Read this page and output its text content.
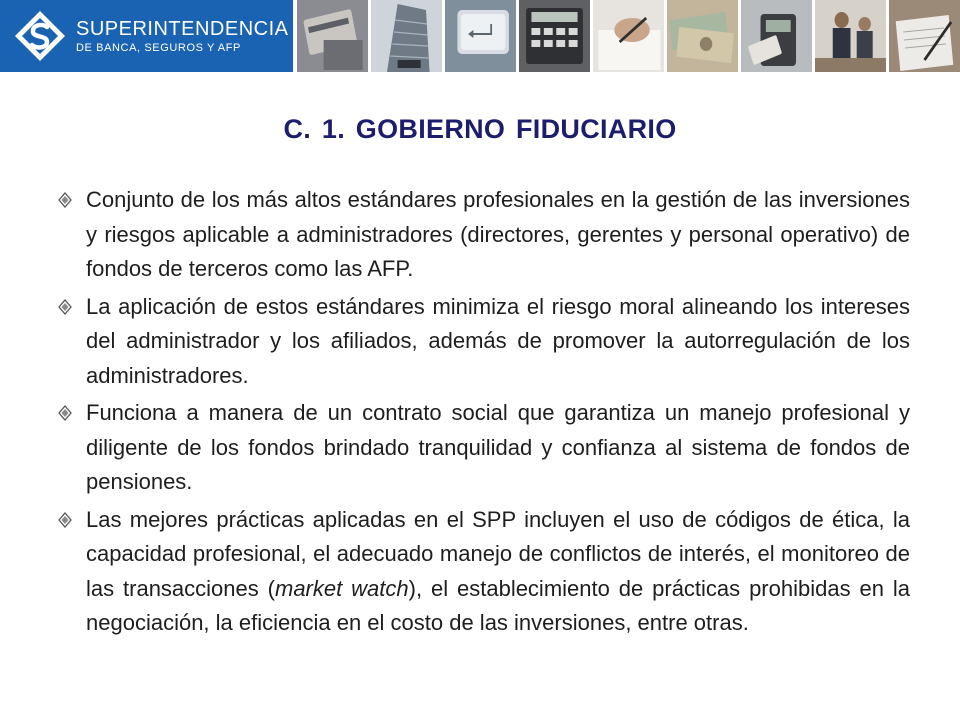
SUPERINTENDENCIA
DE BANCA, SEGUROS Y AFP
C. 1. GOBIERNO FIDUCIARIO
Conjunto de los más altos estándares profesionales en la gestión de las inversiones y riesgos aplicable a administradores (directores, gerentes y personal operativo) de fondos de terceros como las AFP.
La aplicación de estos estándares minimiza el riesgo moral alineando los intereses del administrador y los afiliados, además de promover la autorregulación de los administradores.
Funciona a manera de un contrato social que garantiza un manejo profesional y diligente de los fondos brindado tranquilidad y confianza al sistema de fondos de pensiones.
Las mejores prácticas aplicadas en el SPP incluyen el uso de códigos de ética, la capacidad profesional, el adecuado manejo de conflictos de interés, el monitoreo de las transacciones (market watch), el establecimiento de prácticas prohibidas en la negociación, la eficiencia en el costo de las inversiones, entre otras.
